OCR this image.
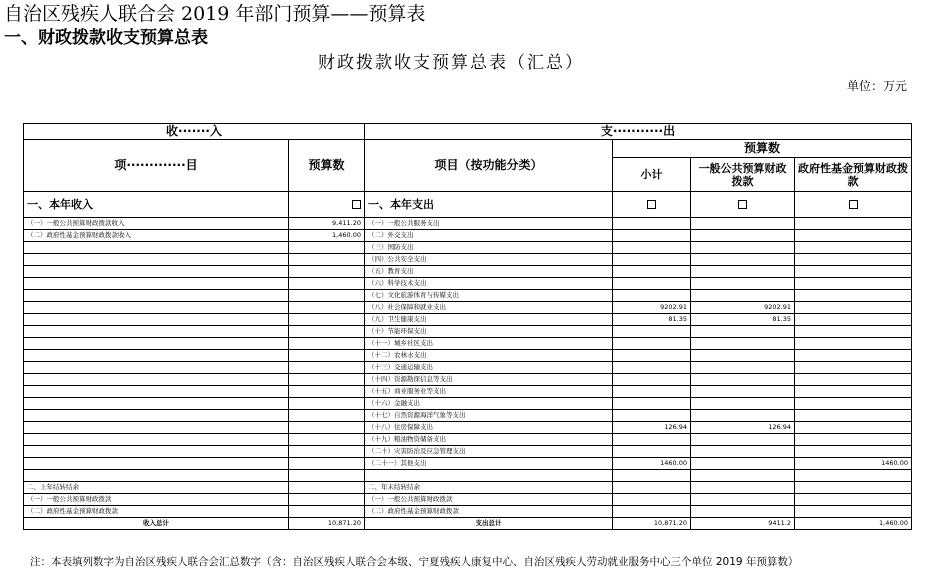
自治区残疾人联合会 2019 年部门预算——预算表
一、财政拨款收支预算总表
财政拨款收支预算总表（汇总）
单位：万元
收·······入		支···········出			
项·············目	预算数	项目（按功能分类）	预算数		
			小计	一般公共预算财政拨款	政府性基金预算财政拨款
一、本年收入		一、本年支出			
（一）一般公共预算财政拨款收入	9,411.20	（一）一般公共服务支出			
（二）政府性基金预算财政拨款收入	1,460.00	（二）外交支出			
		（三）国防支出			
		（四）公共安全支出			
		（五）教育支出			
		（六）科学技术支出			
		（七）文化旅游体育与传媒支出			
		（八）社会保障和就业支出	9202.91	9202.91	
		（九）卫生健康支出	81.35	81.35	
		（十）节能环保支出			
		（十一）城乡社区支出			
		（十二）农林水支出			
		（十三）交通运输支出			
		（十四）资源勘探信息等支出			
		（十五）商业服务业等支出			
		（十六）金融支出			
		（十七）自然资源海洋气象等支出			
		（十八）住房保障支出	126.94	126.94	
		（十九）粮油物资储备支出			
		（二十）灾害防治及应急管理支出			
		（二十一）其他支出	1460.00		1460.00

二、上年结转结余		二、年末结转结余			
（一）一般公共预算财政拨款		（一）一般公共预算财政拨款			
（二）政府性基金预算财政拨款		（二）政府性基金预算财政拨款			
收入总计	10,871.20	支出总计	10,871.20	9411.2	1,460.00
注：本表填列数字为自治区残疾人联合会汇总数字（含：自治区残疾人联合会本级、宁夏残疾人康复中心、自治区残疾人劳动就业服务中心三个单位 2019 年预算数）
